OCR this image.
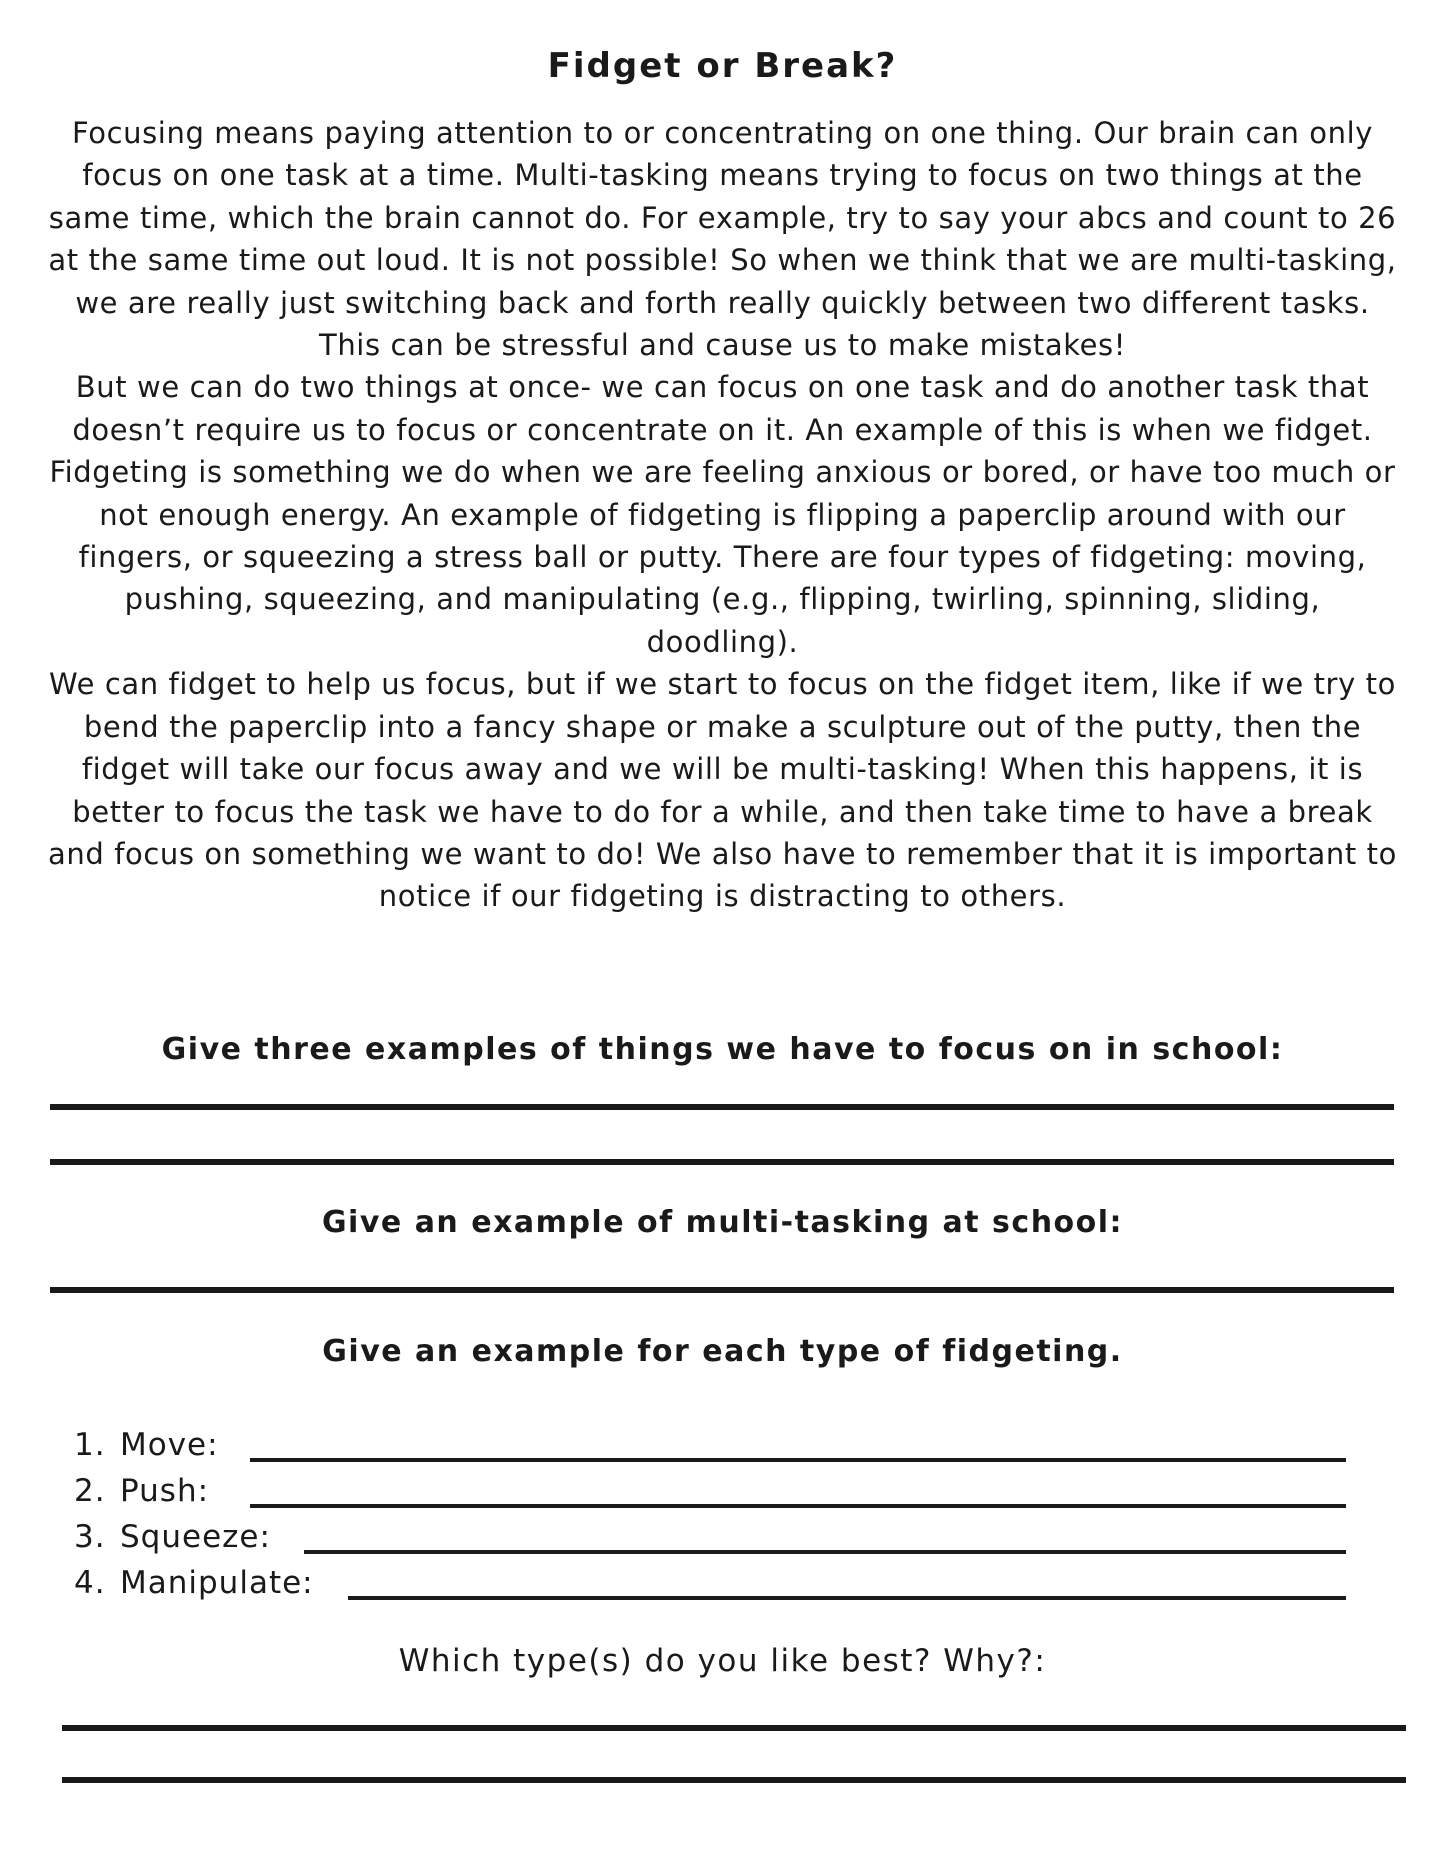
Fidget or Break?

Focusing means paying attention to or concentrating on one thing. Our brain can only focus on one task at a time. Multi-tasking means trying to focus on two things at the same time, which the brain cannot do. For example, try to say your abcs and count to 26 at the same time out loud. It is not possible! So when we think that we are multi-tasking, we are really just switching back and forth really quickly between two different tasks. This can be stressful and cause us to make mistakes!

But we can do two things at once- we can focus on one task and do another task that doesn’t require us to focus or concentrate on it. An example of this is when we fidget. Fidgeting is something we do when we are feeling anxious or bored, or have too much or not enough energy. An example of fidgeting is flipping a paperclip around with our fingers, or squeezing a stress ball or putty. There are four types of fidgeting: moving, pushing, squeezing, and manipulating (e.g., flipping, twirling, spinning, sliding, doodling).

We can fidget to help us focus, but if we start to focus on the fidget item, like if we try to bend the paperclip into a fancy shape or make a sculpture out of the putty, then the fidget will take our focus away and we will be multi-tasking! When this happens, it is better to focus the task we have to do for a while, and then take time to have a break and focus on something we want to do! We also have to remember that it is important to notice if our fidgeting is distracting to others.

Give three examples of things we have to focus on in school:
Give an example of multi-tasking at school:
Give an example for each type of fidgeting.
1. Move:
2. Push:
3. Squeeze:
4. Manipulate:
Which type(s) do you like best? Why?:
